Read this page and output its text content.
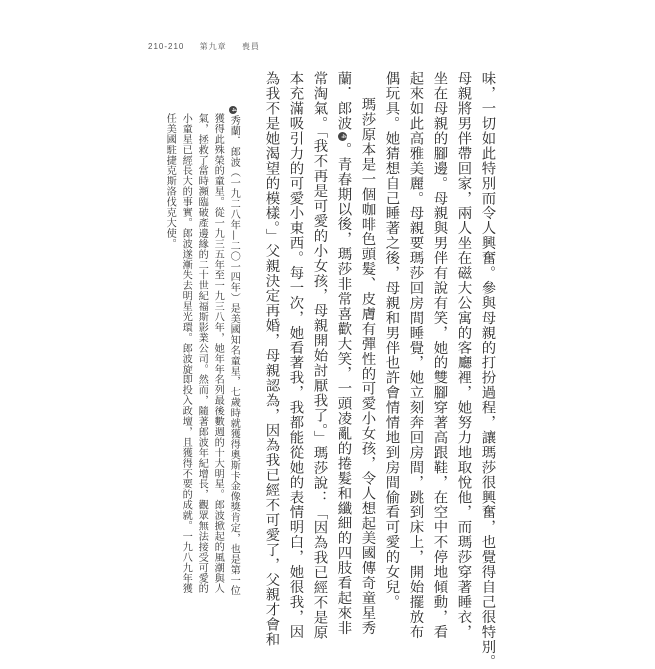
210-210 第九章 喪員
味，一切如此特別而令人興奮。參與母親的打扮過程，讓瑪莎很興奮，也覺得自己很特別。
母親將男伴帶回家，兩人坐在磁大公寓的客廳裡，她努力地取悅他，而瑪莎穿著睡衣，
坐在母親的腳邊。母親與男伴有說有笑，她的雙腳穿著高跟鞋，在空中不停地傾動，看
起來如此高雅美麗。母親要瑪莎回房間睡覺，她立刻奔回房間，跳到床上，開始擺放布
偶玩具。她猜想自己睡著之後，母親和男伴也許會情情地到房間偷看可愛的女兒。
瑪莎原本是一個咖啡色頭髮、皮膚有彈性的可愛小女孩，令人想起美國傳奇童星秀
蘭．郎波4。青春期以後，瑪莎非常喜歡大笑，一頭凌亂的捲髮和纖細的四肢看起來非
常淘氣。「我不再是可愛的小女孩，母親開始討厭我了。」瑪莎說：「因為我已經不是原
本充滿吸引力的可愛小東西。每一次，她看著我，我都能從她的表情明白，她很我，因
為我不是她渴望的模樣。」父親決定再婚，母親認為，因為我已經不可愛了，父親才會和
4秀蘭．郎波（一九二八年—二〇一四年）是美國知名童星，七歲時就獲得奧斯卡金像獎肯定，也是第一位
獲得此殊榮的童星。從一九三五年至一九三八年，她年年名列最後數週的十大明星。郎波掀起的風潮與人
氣，拯救了當時瀕臨破產邊緣的二十世紀福斯影業公司。然而，隨著郎波年紀增長，觀眾無法接受可愛的
小童星已經長大的事實。郎波遂漸失去明星光環。郎波旋即投入政壇，且獲得不要的成就。一九八九年獲
任美國駐捷克斯洛伐克大使。
